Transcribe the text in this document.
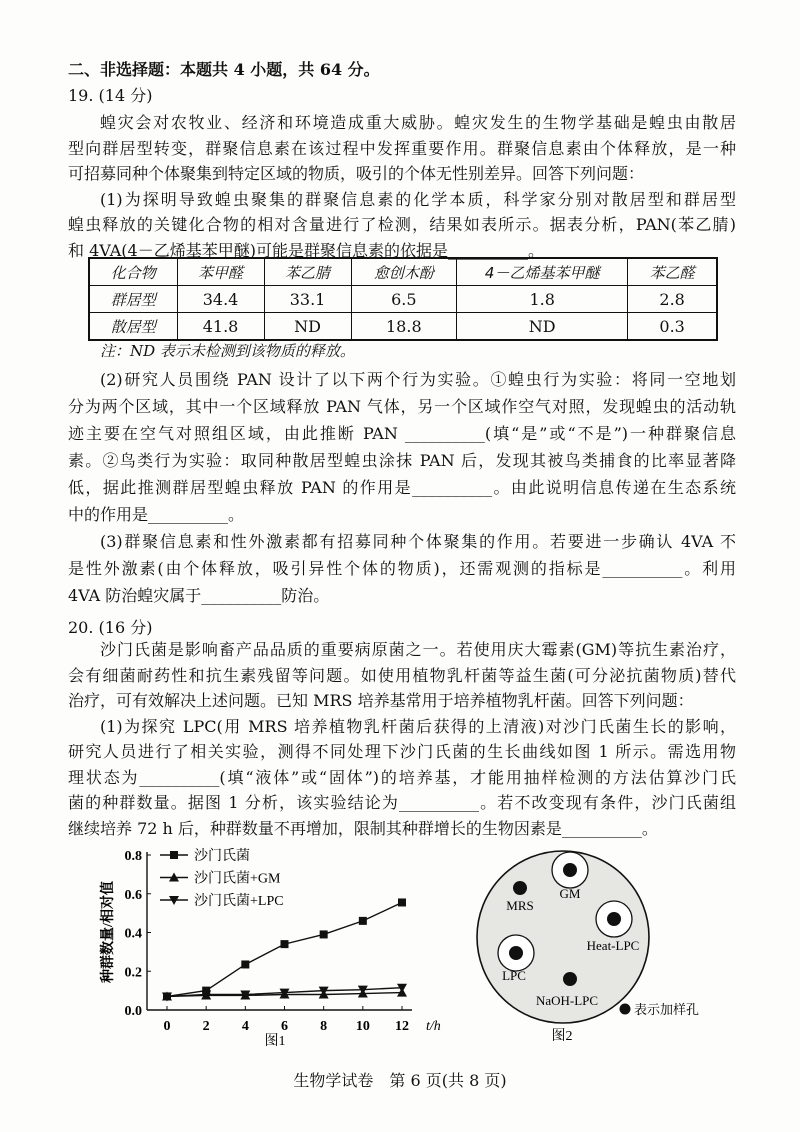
二、非选择题：本题共 4 小题，共 64 分。
19. (14 分)
蝗灾会对农牧业、经济和环境造成重大威胁。蝗灾发生的生物学基础是蝗虫由散居
型向群居型转变，群聚信息素在该过程中发挥重要作用。群聚信息素由个体释放，是一种
可招募同种个体聚集到特定区域的物质，吸引的个体无性别差异。回答下列问题：
(1)为探明导致蝗虫聚集的群聚信息素的化学本质，科学家分别对散居型和群居型
蝗虫释放的关键化合物的相对含量进行了检测，结果如表所示。据表分析，PAN(苯乙腈)
和 4VA(4－乙烯基苯甲醚)可能是群聚信息素的依据是__________。
化合物	苯甲醛	苯乙腈	愈创木酚	4－乙烯基苯甲醚	苯乙醛
群居型	34.4	33.1	6.5	1.8	2.8
散居型	41.8	ND	18.8	ND	0.3
注：ND 表示未检测到该物质的释放。
(2)研究人员围绕 PAN 设计了以下两个行为实验。①蝗虫行为实验：将同一空地划
分为两个区域，其中一个区域释放 PAN 气体，另一个区域作空气对照，发现蝗虫的活动轨
迹主要在空气对照组区域，由此推断 PAN __________(填“是”或“不是”)一种群聚信息
素。②鸟类行为实验：取同种散居型蝗虫涂抹 PAN 后，发现其被鸟类捕食的比率显著降
低，据此推测群居型蝗虫释放 PAN 的作用是__________。由此说明信息传递在生态系统
中的作用是__________。
(3)群聚信息素和性外激素都有招募同种个体聚集的作用。若要进一步确认 4VA 不
是性外激素(由个体释放，吸引异性个体的物质)，还需观测的指标是__________。利用
4VA 防治蝗灾属于__________防治。
20. (16 分)
沙门氏菌是影响畜产品品质的重要病原菌之一。若使用庆大霉素(GM)等抗生素治疗，
会有细菌耐药性和抗生素残留等问题。如使用植物乳杆菌等益生菌(可分泌抗菌物质)替代
治疗，可有效解决上述问题。已知 MRS 培养基常用于培养植物乳杆菌。回答下列问题：
(1)为探究 LPC(用 MRS 培养植物乳杆菌后获得的上清液)对沙门氏菌生长的影响，
研究人员进行了相关实验，测得不同处理下沙门氏菌的生长曲线如图 1 所示。需选用物
理状态为__________(填“液体”或“固体”)的培养基，才能用抽样检测的方法估算沙门氏
菌的种群数量。据图 1 分析，该实验结论为__________。若不改变现有条件，沙门氏菌组
继续培养 72 h 后，种群数量不再增加，限制其种群增长的生物因素是__________。
0.0
0.2
0.4
0.6
0.8
0 2 4 6 8 10 12 t/h
种群数量/相对值
图1
沙门氏菌
沙门氏菌+GM
沙门氏菌+LPC
GM
MRS
Heat-LPC
LPC
NaOH-LPC
表示加样孔
图2
生物学试卷　第 6 页(共 8 页)
